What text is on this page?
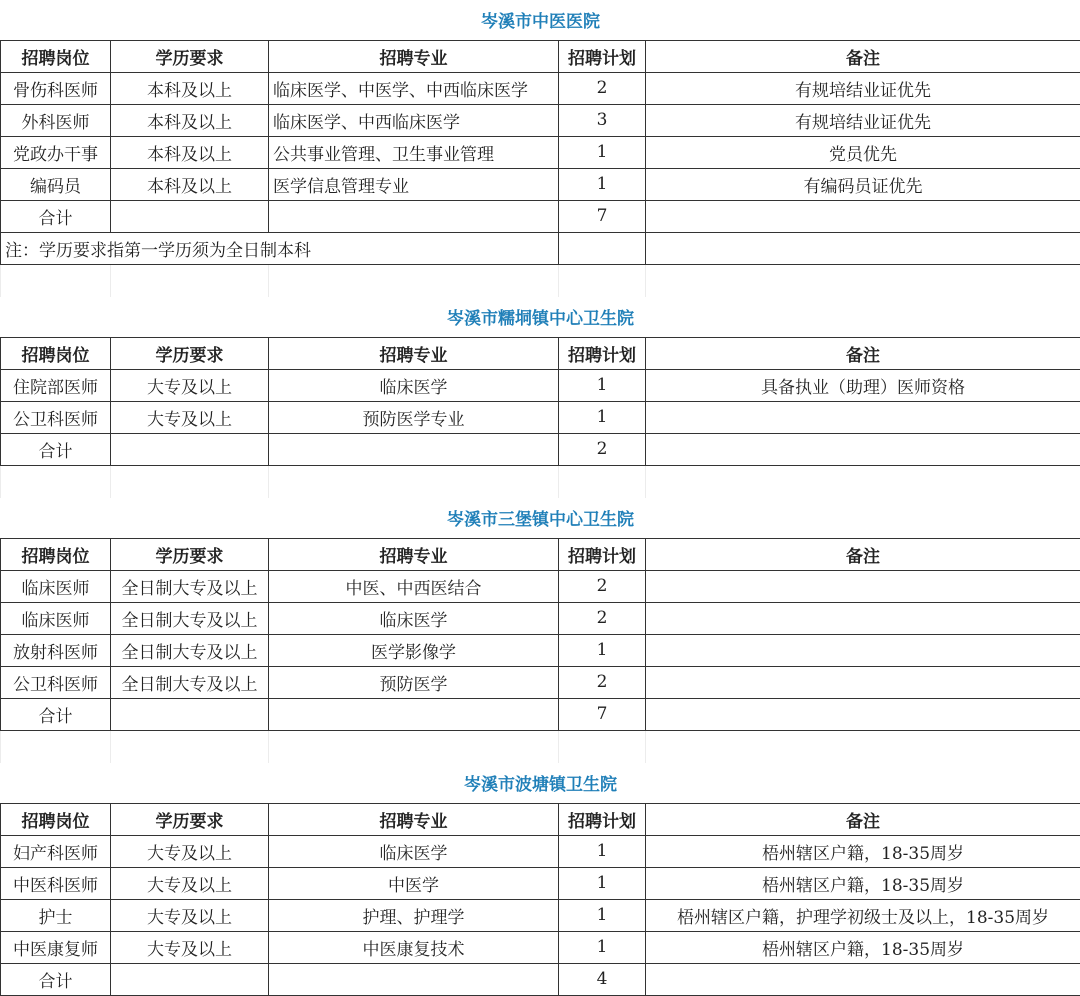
岑溪市中医医院				
招聘岗位	学历要求	招聘专业	招聘计划	备注
骨伤科医师	本科及以上	临床医学、中医学、中西临床医学	2	有规培结业证优先
外科医师	本科及以上	临床医学、中西临床医学	3	有规培结业证优先
党政办干事	本科及以上	公共事业管理、卫生事业管理	1	党员优先
编码员	本科及以上	医学信息管理专业	1	有编码员证优先
合计			7	
注：学历要求指第一学历须为全日制本科				

岑溪市糯垌镇中心卫生院				
招聘岗位	学历要求	招聘专业	招聘计划	备注
住院部医师	大专及以上	临床医学	1	具备执业（助理）医师资格
公卫科医师	大专及以上	预防医学专业	1	
合计			2	

岑溪市三堡镇中心卫生院				
招聘岗位	学历要求	招聘专业	招聘计划	备注
临床医师	全日制大专及以上	中医、中西医结合	2	
临床医师	全日制大专及以上	临床医学	2	
放射科医师	全日制大专及以上	医学影像学	1	
公卫科医师	全日制大专及以上	预防医学	2	
合计			7	

岑溪市波塘镇卫生院				
招聘岗位	学历要求	招聘专业	招聘计划	备注
妇产科医师	大专及以上	临床医学	1	梧州辖区户籍，18-35周岁
中医科医师	大专及以上	中医学	1	梧州辖区户籍，18-35周岁
护士	大专及以上	护理、护理学	1	梧州辖区户籍，护理学初级士及以上，18-35周岁
中医康复师	大专及以上	中医康复技术	1	梧州辖区户籍，18-35周岁
合计			4	
